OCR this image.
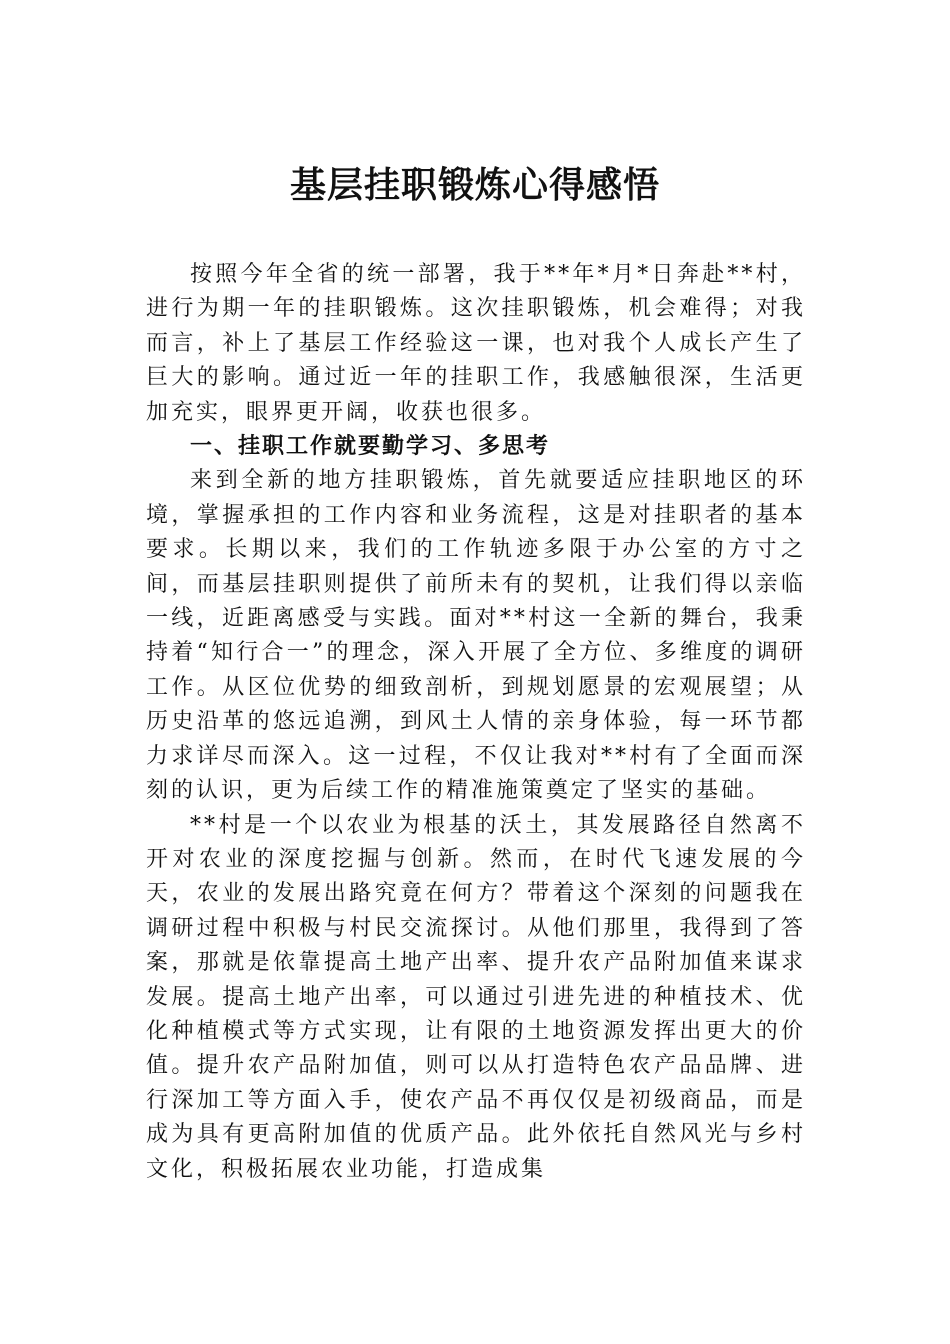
基层挂职锻炼心得感悟

按照今年全省的统一部署，我于**年*月*日奔赴**村，进行为期一年的挂职锻炼。这次挂职锻炼，机会难得；对我而言，补上了基层工作经验这一课，也对我个人成长产生了巨大的影响。通过近一年的挂职工作，我感触很深，生活更加充实，眼界更开阔，收获也很多。

一、挂职工作就要勤学习、多思考

来到全新的地方挂职锻炼，首先就要适应挂职地区的环境，掌握承担的工作内容和业务流程，这是对挂职者的基本要求。长期以来，我们的工作轨迹多限于办公室的方寸之间，而基层挂职则提供了前所未有的契机，让我们得以亲临一线，近距离感受与实践。面对**村这一全新的舞台，我秉持着“知行合一”的理念，深入开展了全方位、多维度的调研工作。从区位优势的细致剖析，到规划愿景的宏观展望；从历史沿革的悠远追溯，到风土人情的亲身体验，每一环节都力求详尽而深入。这一过程，不仅让我对**村有了全面而深刻的认识，更为后续工作的精准施策奠定了坚实的基础。

**村是一个以农业为根基的沃土，其发展路径自然离不开对农业的深度挖掘与创新。然而，在时代飞速发展的今天，农业的发展出路究竟在何方？带着这个深刻的问题我在调研过程中积极与村民交流探讨。从他们那里，我得到了答案，那就是依靠提高土地产出率、提升农产品附加值来谋求发展。提高土地产出率，可以通过引进先进的种植技术、优化种植模式等方式实现，让有限的土地资源发挥出更大的价值。提升农产品附加值，则可以从打造特色农产品品牌、进行深加工等方面入手，使农产品不再仅仅是初级商品，而是成为具有更高附加值的优质产品。此外依托自然风光与乡村文化，积极拓展农业功能，打造成集
